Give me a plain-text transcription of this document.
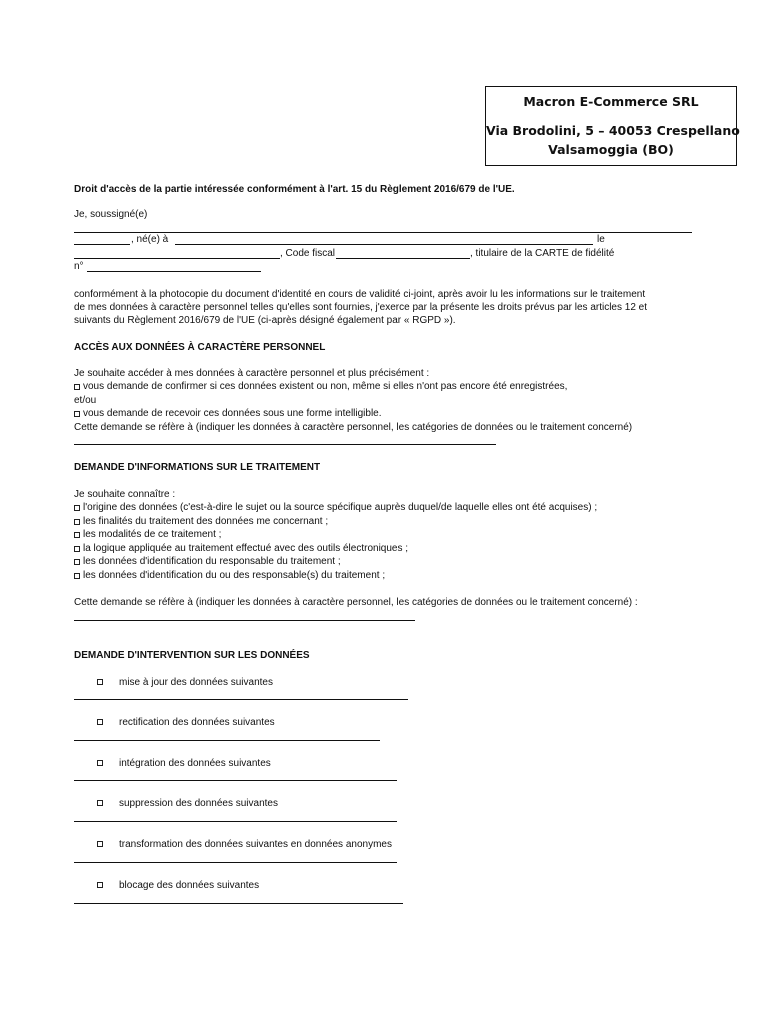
Macron E-Commerce SRL
Via Brodolini, 5 – 40053 Crespellano
Valsamoggia (BO)
Droit d'accès de la partie intéressée conformément à l'art. 15 du Règlement 2016/679 de l'UE.
Je, soussigné(e)
, né(e) à	le
, Code fiscal	, titulaire de la CARTE de fidélité
n°
conformément à la photocopie du document d'identité en cours de validité ci-joint, après avoir lu les informations sur le traitement
de mes données à caractère personnel telles qu'elles sont fournies, j'exerce par la présente les droits prévus par les articles 12 et
suivants du Règlement 2016/679 de l'UE (ci-après désigné également par « RGPD »).
ACCÈS AUX DONNÉES À CARACTÈRE PERSONNEL
Je souhaite accéder à mes données à caractère personnel et plus précisément :
vous demande de confirmer si ces données existent ou non, même si elles n'ont pas encore été enregistrées,
et/ou
vous demande de recevoir ces données sous une forme intelligible.
Cette demande se réfère à (indiquer les données à caractère personnel, les catégories de données ou le traitement concerné)
DEMANDE D'INFORMATIONS SUR LE TRAITEMENT
Je souhaite connaître :
l'origine des données (c'est-à-dire le sujet ou la source spécifique auprès duquel/de laquelle elles ont été acquises) ;
les finalités du traitement des données me concernant ;
les modalités de ce traitement ;
la logique appliquée au traitement effectué avec des outils électroniques ;
les données d'identification du responsable du traitement ;
les données d'identification du ou des responsable(s) du traitement ;
Cette demande se réfère à (indiquer les données à caractère personnel, les catégories de données ou le traitement concerné) :
DEMANDE D'INTERVENTION SUR LES DONNÉES
mise à jour des données suivantes
rectification des données suivantes
intégration des données suivantes
suppression des données suivantes
transformation des données suivantes en données anonymes
blocage des données suivantes
